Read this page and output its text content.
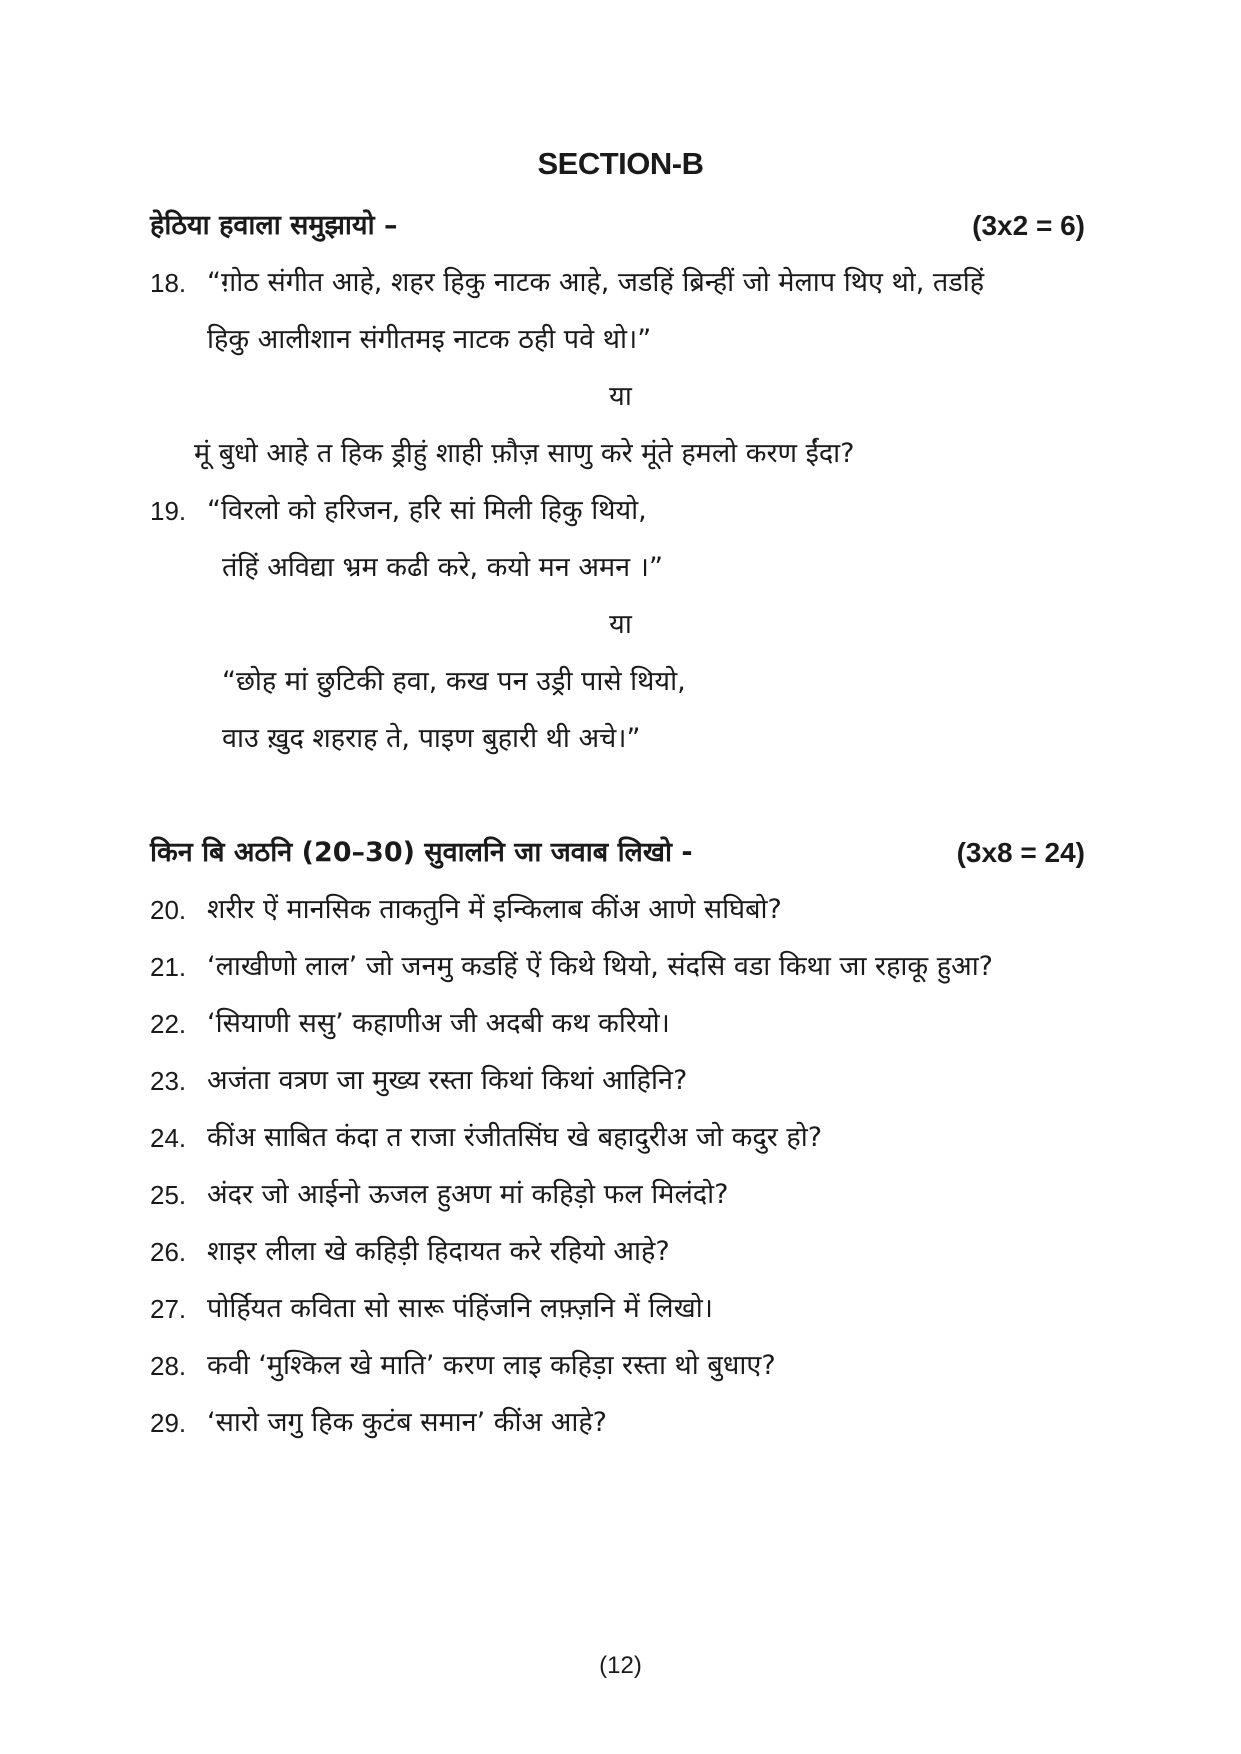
SECTION-B
हेठिया हवाला समुझायो –	(3x2 = 6)
18. “ग़ोठ संगीत आहे, शहर हिकु नाटक आहे, जडहिं ब्रिन्हीं जो मेलाप थिए थो, तडहिं
हिकु आलीशान संगीतमइ नाटक ठही पवे थो।”
या
मूं बुधो आहे त हिक ड्रीहुं शाही फ़ौज़ साणु करे मूंते हमलो करण ईंदा?
19. “विरलो को हरिजन, हरि सां मिली हिकु थियो,
तंहिं अविद्या भ्रम कढी करे, कयो मन अमन ।”
या
“छोह मां छुटिकी हवा, कख पन उड्री पासे थियो,
वाउ ख़ुद शहराह ते, पाइण बुहारी थी अचे।”
किन बि अठनि (20–30) सुवालनि जा जवाब लिखो -	(3x8 = 24)
20. शरीर ऐं मानसिक ताकतुनि में इन्किलाब कींअ आणे सघिबो?
21. ‘लाखीणो लाल’ जो जनमु कडहिं ऐं किथे थियो, संदसि वडा किथा जा रहाकू हुआ?
22. ‘सियाणी ससु’ कहाणीअ जी अदबी कथ करियो।
23. अजंता वत्रण जा मुख्य रस्ता किथां किथां आहिनि?
24. कींअ साबित कंदा त राजा रंजीतसिंघ खे बहादुरीअ जो कदुर हो?
25. अंदर जो आईनो ऊजल हुअण मां कहिड़ो फल मिलंदो?
26. शाइर लीला खे कहिड़ी हिदायत करे रहियो आहे?
27. पोर्हियत कविता सो सारू पंहिंजनि लफ़्ज़नि में लिखो।
28. कवी ‘मुश्किल खे माति’ करण लाइ कहिड़ा रस्ता थो बुधाए?
29. ‘सारो जगु हिक कुटंब समान’ कींअ आहे?
(12)
